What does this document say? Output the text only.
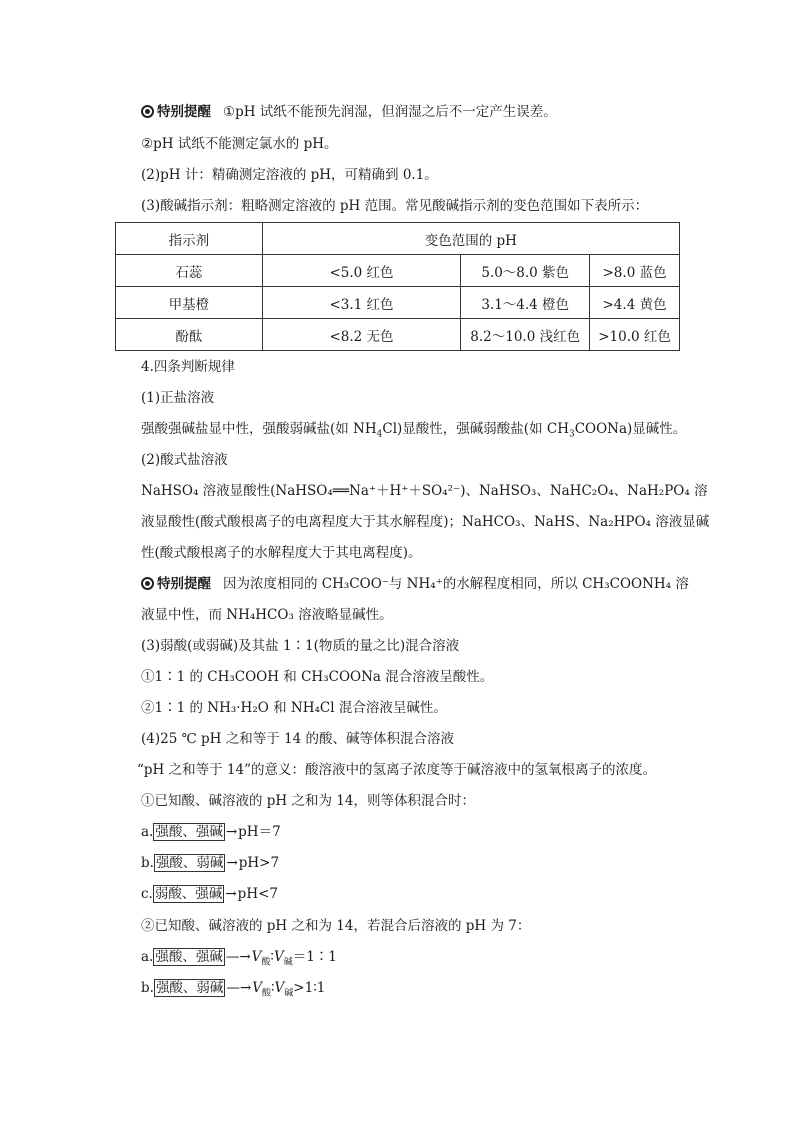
特别提醒 ①pH 试纸不能预先润湿，但润湿之后不一定产生误差。
②pH 试纸不能测定氯水的 pH。
(2)pH 计：精确测定溶液的 pH，可精确到 0.1。
(3)酸碱指示剂：粗略测定溶液的 pH 范围。常见酸碱指示剂的变色范围如下表所示：
指示剂	变色范围的 pH		
石蕊	<5.0 红色	5.0～8.0 紫色	>8.0 蓝色
甲基橙	<3.1 红色	3.1～4.4 橙色	>4.4 黄色
酚酞	<8.2 无色	8.2～10.0 浅红色	>10.0 红色
4.四条判断规律
(1)正盐溶液
强酸强碱盐显中性，强酸弱碱盐(如 $NH_4Cl$)显酸性，强碱弱酸盐(如 $CH_3COONa$)显碱性。
(2)酸式盐溶液
NaHSO₄ 溶液显酸性(NaHSO₄══Na⁺＋H⁺＋SO₄²⁻)、NaHSO₃、NaHC₂O₄、NaH₂PO₄ 溶
液显酸性(酸式酸根离子的电离程度大于其水解程度)；NaHCO₃、NaHS、Na₂HPO₄ 溶液显碱
性(酸式酸根离子的水解程度大于其电离程度)。
特别提醒 因为浓度相同的 CH₃COO⁻与 NH₄⁺的水解程度相同，所以 CH₃COONH₄ 溶
液显中性，而 NH₄HCO₃ 溶液略显碱性。
(3)弱酸(或弱碱)及其盐 1∶1(物质的量之比)混合溶液
①1∶1 的 CH₃COOH 和 CH₃COONa 混合溶液呈酸性。
②1∶1 的 NH₃·H₂O 和 NH₄Cl 混合溶液呈碱性。
(4)25 ℃ pH 之和等于 14 的酸、碱等体积混合溶液
“pH 之和等于 14”的意义：酸溶液中的氢离子浓度等于碱溶液中的氢氧根离子的浓度。
①已知酸、碱溶液的 pH 之和为 14，则等体积混合时：
a. 强酸、强碱 →pH＝7
b. 强酸、弱碱 →pH>7
c. 弱酸、强碱 →pH<7
②已知酸、碱溶液的 pH 之和为 14，若混合后溶液的 pH 为 7：
a. 强酸、强碱 $—\to V_酸∶V_碱=1∶1$
b. 强酸、弱碱 $—\to V_酸∶V_碱>1∶1$
